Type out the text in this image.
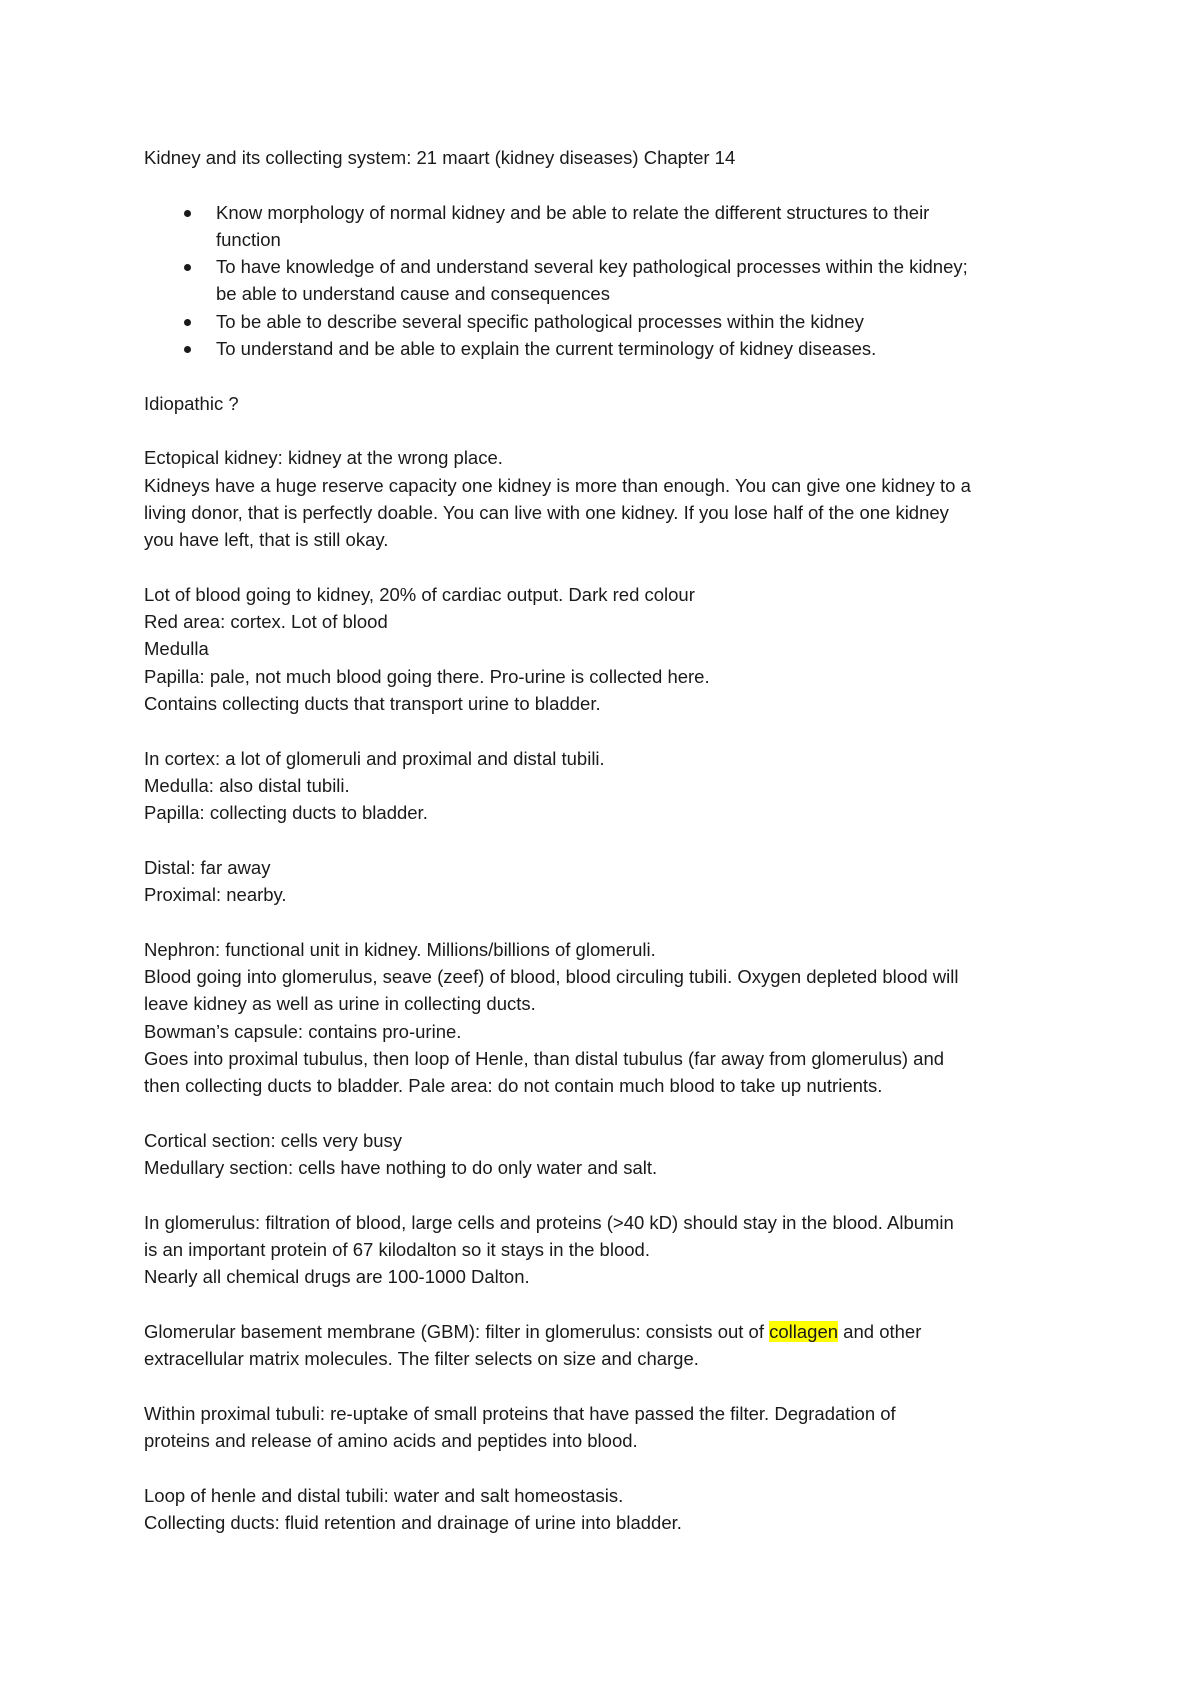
Kidney and its collecting system: 21 maart (kidney diseases) Chapter 14

Know morphology of normal kidney and be able to relate the different structures to their
function
To have knowledge of and understand several key pathological processes within the kidney;
be able to understand cause and consequences
To be able to describe several specific pathological processes within the kidney
To understand and be able to explain the current terminology of kidney diseases.
Idiopathic ?
Ectopical kidney: kidney at the wrong place.
Kidneys have a huge reserve capacity one kidney is more than enough. You can give one kidney to a
living donor, that is perfectly doable. You can live with one kidney. If you lose half of the one kidney
you have left, that is still okay.
Lot of blood going to kidney, 20% of cardiac output. Dark red colour
Red area: cortex. Lot of blood
Medulla
Papilla: pale, not much blood going there. Pro-urine is collected here.
Contains collecting ducts that transport urine to bladder.
In cortex: a lot of glomeruli and proximal and distal tubili.
Medulla: also distal tubili.
Papilla: collecting ducts to bladder.
Distal: far away
Proximal: nearby.
Nephron: functional unit in kidney. Millions/billions of glomeruli.
Blood going into glomerulus, seave (zeef) of blood, blood circuling tubili. Oxygen depleted blood will
leave kidney as well as urine in collecting ducts.
Bowman’s capsule: contains pro-urine.
Goes into proximal tubulus, then loop of Henle, than distal tubulus (far away from glomerulus) and
then collecting ducts to bladder. Pale area: do not contain much blood to take up nutrients.
Cortical section: cells very busy
Medullary section: cells have nothing to do only water and salt.
In glomerulus: filtration of blood, large cells and proteins (>40 kD) should stay in the blood. Albumin
is an important protein of 67 kilodalton so it stays in the blood.
Nearly all chemical drugs are 100-1000 Dalton.
Glomerular basement membrane (GBM): filter in glomerulus: consists out of collagen and other
extracellular matrix molecules. The filter selects on size and charge.
Within proximal tubuli: re-uptake of small proteins that have passed the filter. Degradation of
proteins and release of amino acids and peptides into blood.
Loop of henle and distal tubili: water and salt homeostasis.
Collecting ducts: fluid retention and drainage of urine into bladder.
